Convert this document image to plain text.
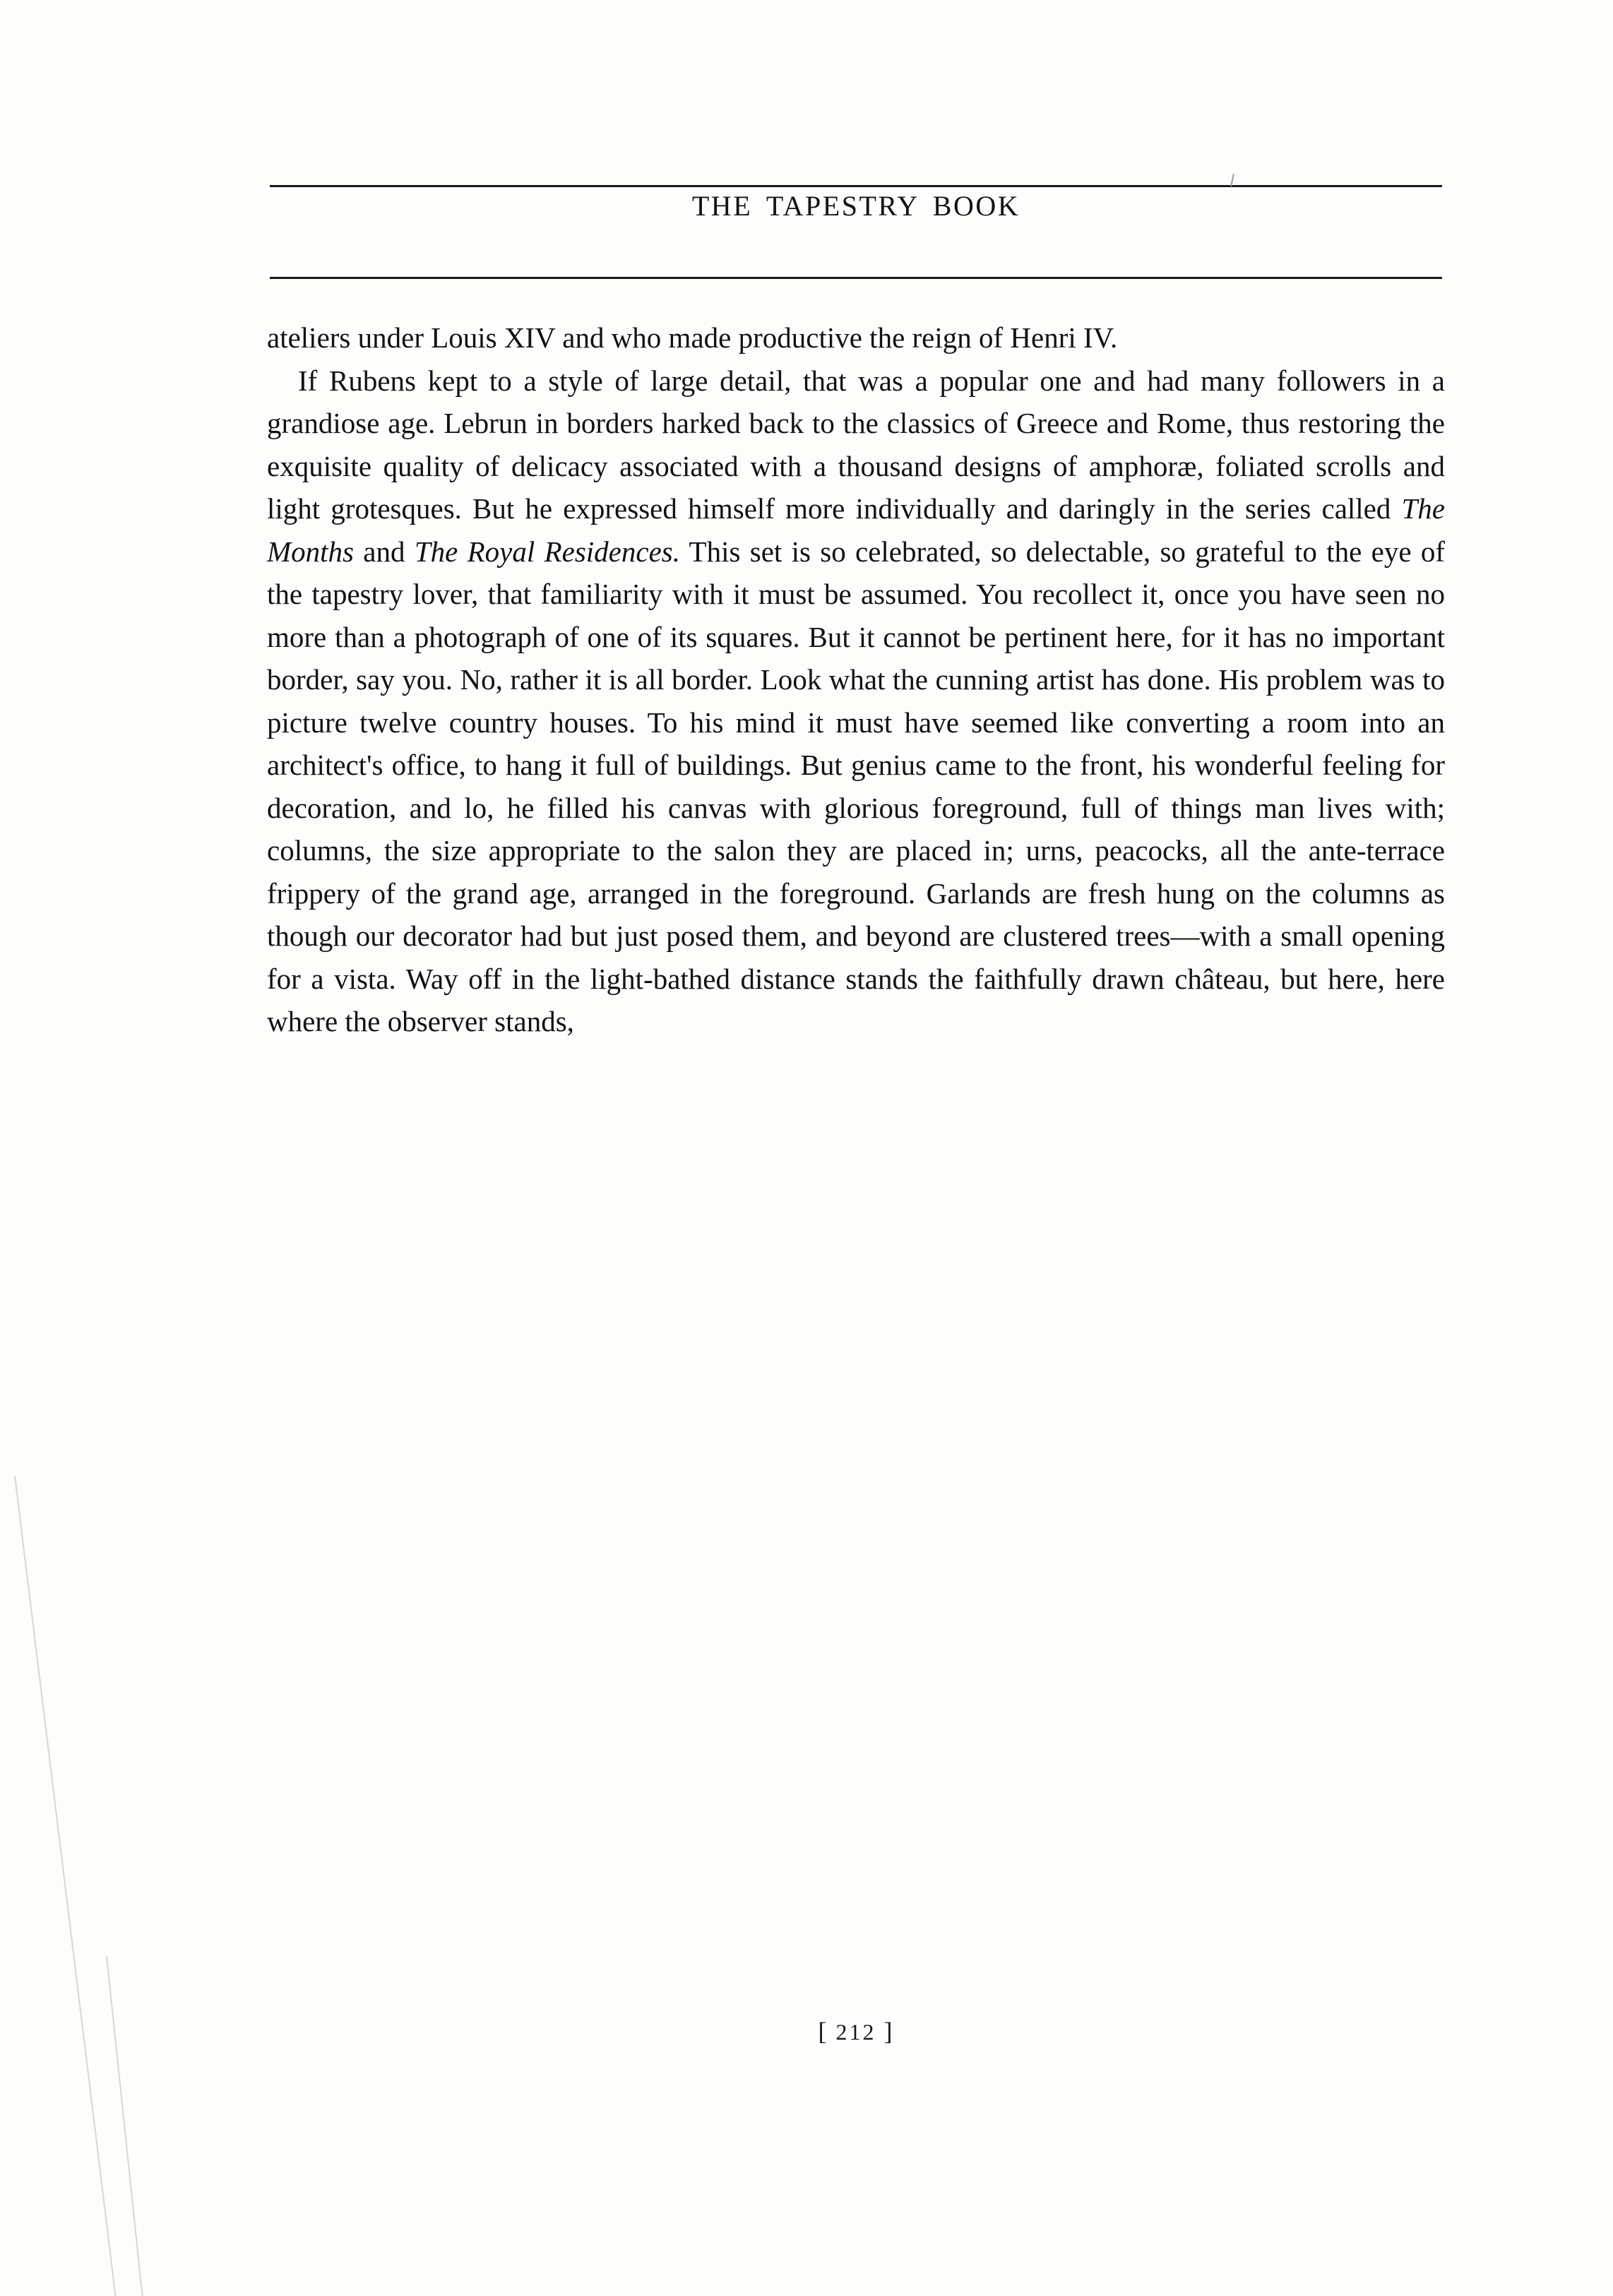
THE TAPESTRY BOOK

ateliers under Louis XIV and who made productive the reign of Henri IV.

If Rubens kept to a style of large detail, that was a popular one and had many followers in a grandiose age. Lebrun in borders harked back to the classics of Greece and Rome, thus restoring the exquisite quality of delicacy associated with a thousand designs of amphoræ, foliated scrolls and light grotesques. But he expressed himself more individually and daringly in the series called The Months and The Royal Residences. This set is so celebrated, so delectable, so grateful to the eye of the tapestry lover, that familiarity with it must be assumed. You recollect it, once you have seen no more than a photograph of one of its squares. But it cannot be pertinent here, for it has no important border, say you. No, rather it is all border. Look what the cunning artist has done. His problem was to picture twelve country houses. To his mind it must have seemed like converting a room into an architect's office, to hang it full of buildings. But genius came to the front, his wonderful feeling for decoration, and lo, he filled his canvas with glorious foreground, full of things man lives with; columns, the size appropriate to the salon they are placed in; urns, peacocks, all the ante-terrace frippery of the grand age, arranged in the foreground. Garlands are fresh hung on the columns as though our decorator had but just posed them, and beyond are clustered trees—with a small opening for a vista. Way off in the light-bathed distance stands the faithfully drawn château, but here, here where the observer stands,

[ 212 ]
